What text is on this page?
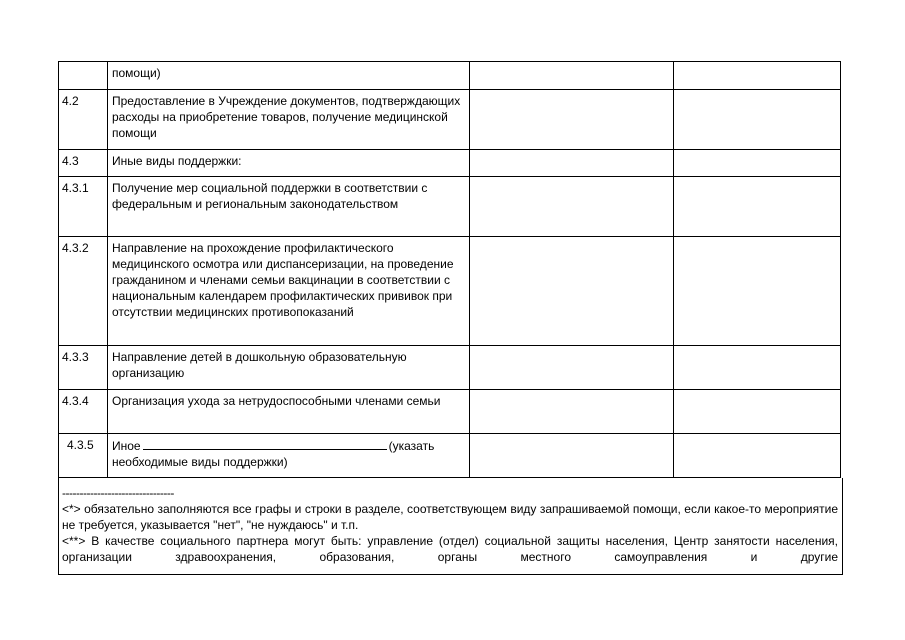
	помощи)		
4.2	Предоставление в Учреждение документов, подтверждающих расходы на приобретение товаров, получение медицинской помощи		
4.3	Иные виды поддержки:		
4.3.1	Получение мер социальной поддержки в соответствии с федеральным и региональным законодательством		
4.3.2	Направление на прохождение профилактического медицинского осмотра или диспансеризации, на проведение гражданином и членами семьи вакцинации в соответствии с национальным календарем профилактических прививок при отсутствии медицинских противопоказаний		
4.3.3	Направление детей в дошкольную образовательную организацию		
4.3.4	Организация ухода за нетрудоспособными членами семьи		
4.3.5	Иное (указать необходимые виды поддержки)		
--------------------------------

<*> обязательно заполняются все графы и строки в разделе, соответствующем виду запрашиваемой помощи, если какое-то мероприятие не требуется, указывается "нет", "не нуждаюсь" и т.п.

<**> В качестве социального партнера могут быть: управление (отдел) социальной защиты населения, Центр занятости населения, организации здравоохранения, образования, органы местного самоуправления и другие
